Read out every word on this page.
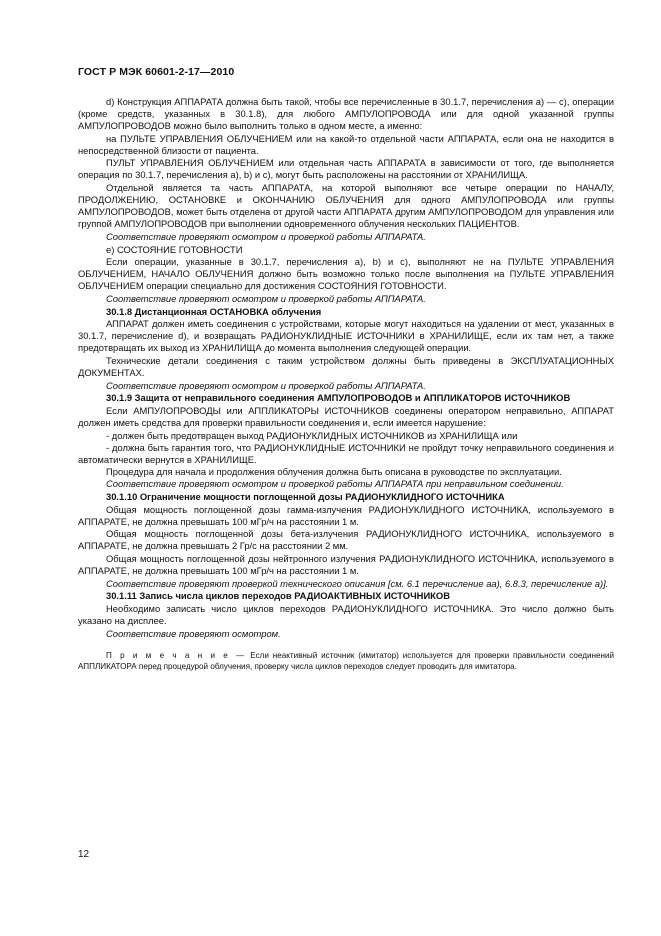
ГОСТ Р МЭК 60601-2-17—2010

d) Конструкция АППАРАТА должна быть такой, чтобы все перечисленные в 30.1.7, перечисления а) — с), операции (кроме средств, указанных в 30.1.8), для любого АМПУЛОПРОВОДА или для одной указанной группы АМПУЛОПРОВОДОВ можно было выполнить только в одном месте, а именно:

на ПУЛЬТЕ УПРАВЛЕНИЯ ОБЛУЧЕНИЕМ или на какой-то отдельной части АППАРАТА, если она не находится в непосредственной близости от пациента.

ПУЛЬТ УПРАВЛЕНИЯ ОБЛУЧЕНИЕМ или отдельная часть АППАРАТА в зависимости от того, где выполняется операция по 30.1.7, перечисления a), b) и c), могут быть расположены на расстоянии от ХРАНИЛИЩА.

Отдельной является та часть АППАРАТА, на которой выполняют все четыре операции по НАЧАЛУ, ПРОДОЛЖЕНИЮ, ОСТАНОВКЕ и ОКОНЧАНИЮ ОБЛУЧЕНИЯ для одного АМПУЛОПРОВОДА или группы АМПУЛОПРОВОДОВ, может быть отделена от другой части АППАРАТА другим АМПУЛОПРОВОДОМ для управления или группой АМПУЛОПРОВОДОВ при выполнении одновременного облучения нескольких ПАЦИЕНТОВ.

Соответствие проверяют осмотром и проверкой работы АППАРАТА.

е) СОСТОЯНИЕ ГОТОВНОСТИ

Если операции, указанные в 30.1.7, перечисления а), b) и с), выполняют не на ПУЛЬТЕ УПРАВЛЕНИЯ ОБЛУЧЕНИЕМ, НАЧАЛО ОБЛУЧЕНИЯ должно быть возможно только после выполнения на ПУЛЬТЕ УПРАВЛЕНИЯ ОБЛУЧЕНИЕМ операции специально для достижения СОСТОЯНИЯ ГОТОВНОСТИ.

Соответствие проверяют осмотром и проверкой работы АППАРАТА.

30.1.8 Дистанционная ОСТАНОВКА облучения

АППАРАТ должен иметь соединения с устройствами, которые могут находиться на удалении от мест, указанных в 30.1.7, перечисление d), и возвращать РАДИОНУКЛИДНЫЕ ИСТОЧНИКИ в ХРАНИЛИЩЕ, если их там нет, а также предотвращать их выход из ХРАНИЛИЩА до момента выполнения следующей операции.

Технические детали соединения с таким устройством должны быть приведены в ЭКСПЛУАТАЦИОННЫХ ДОКУМЕНТАХ.

Соответствие проверяют осмотром и проверкой работы АППАРАТА.

30.1.9 Защита от неправильного соединения АМПУЛОПРОВОДОВ и АППЛИКАТОРОВ ИСТОЧНИКОВ

Если АМПУЛОПРОВОДЫ или АППЛИКАТОРЫ ИСТОЧНИКОВ соединены оператором неправильно, АППАРАТ должен иметь средства для проверки правильности соединения и, если имеется нарушение:

- должен быть предотвращен выход РАДИОНУКЛИДНЫХ ИСТОЧНИКОВ из ХРАНИЛИЩА или

- должна быть гарантия того, что РАДИОНУКЛИДНЫЕ ИСТОЧНИКИ не пройдут точку неправильного соединения и автоматически вернутся в ХРАНИЛИЩЕ.

Процедура для начала и продолжения облучения должна быть описана в руководстве по эксплуатации.

Соответствие проверяют осмотром и проверкой работы АППАРАТА при неправильном соединении.

30.1.10 Ограничение мощности поглощенной дозы РАДИОНУКЛИДНОГО ИСТОЧНИКА

Общая мощность поглощенной дозы гамма-излучения РАДИОНУКЛИДНОГО ИСТОЧНИКА, используемого в АППАРАТЕ, не должна превышать 100 мГр/ч на расстоянии 1 м.

Общая мощность поглощенной дозы бета-излучения РАДИОНУКЛИДНОГО ИСТОЧНИКА, используемого в АППАРАТЕ, не должна превышать 2 Гр/с на расстоянии 2 мм.

Общая мощность поглощенной дозы нейтронного излучения РАДИОНУКЛИДНОГО ИСТОЧНИКА, используемого в АППАРАТЕ, не должна превышать 100 мГр/ч на расстоянии 1 м.

Соответствие проверяют проверкой технического описания [см. 6.1 перечисление aa), 6.8.3, перечисление a)].

30.1.11 Запись числа циклов переходов РАДИОАКТИВНЫХ ИСТОЧНИКОВ

Необходимо записать число циклов переходов РАДИОНУКЛИДНОГО ИСТОЧНИКА. Это число должно быть указано на дисплее.

Соответствие проверяют осмотром.

П р и м е ч а н и е — Если неактивный источник (имитатор) используется для проверки правильности соединений АППЛИКАТОРА перед процедурой облучения, проверку числа циклов переходов следует проводить для имитатора.

12
